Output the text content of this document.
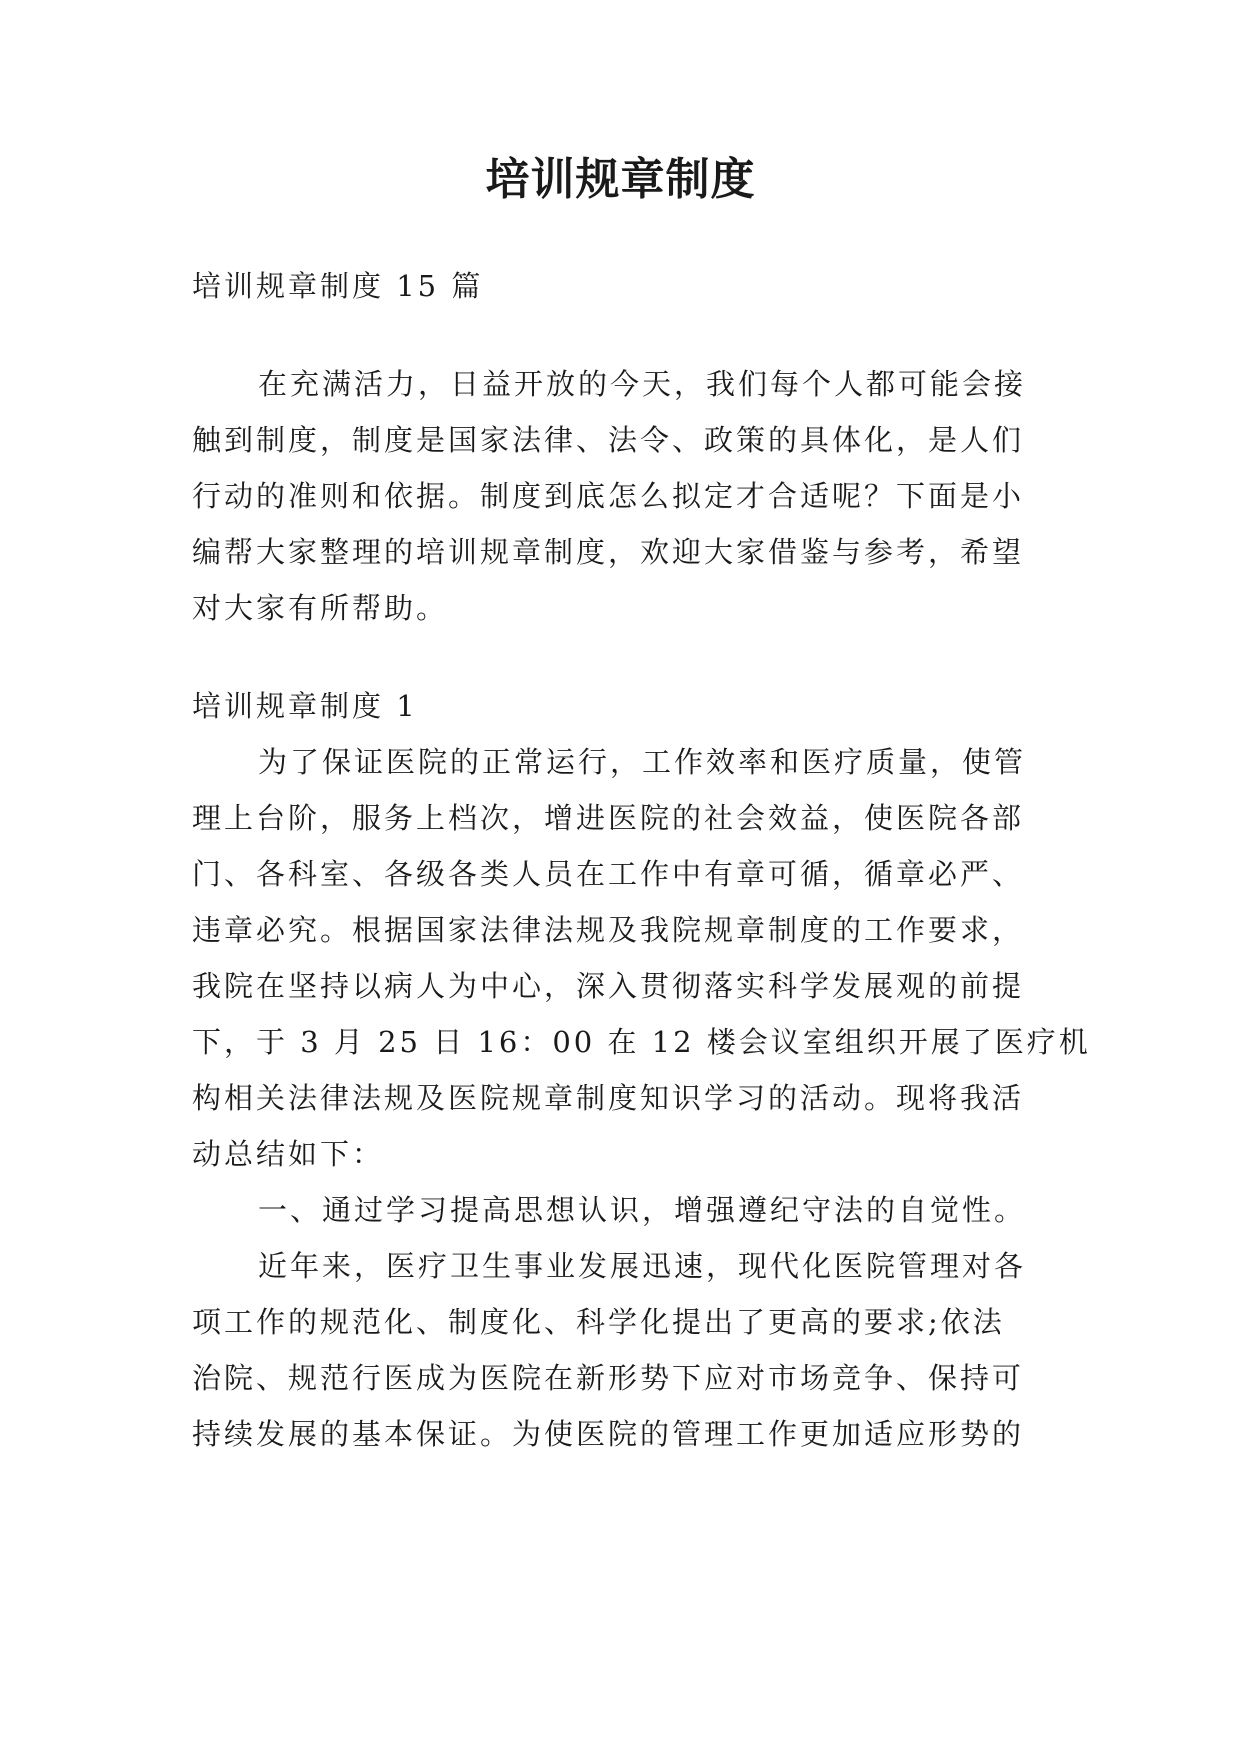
培训规章制度
培训规章制度 15 篇
在充满活力，日益开放的今天，我们每个人都可能会接
触到制度，制度是国家法律、法令、政策的具体化，是人们
行动的准则和依据。制度到底怎么拟定才合适呢？下面是小
编帮大家整理的培训规章制度，欢迎大家借鉴与参考，希望
对大家有所帮助。
培训规章制度 1
为了保证医院的正常运行，工作效率和医疗质量，使管
理上台阶，服务上档次，增进医院的社会效益，使医院各部
门、各科室、各级各类人员在工作中有章可循，循章必严、
违章必究。根据国家法律法规及我院规章制度的工作要求，
我院在坚持以病人为中心，深入贯彻落实科学发展观的前提
下，于 3 月 25 日 16：00 在 12 楼会议室组织开展了医疗机
构相关法律法规及医院规章制度知识学习的活动。现将我活
动总结如下：
一、通过学习提高思想认识，增强遵纪守法的自觉性。
近年来，医疗卫生事业发展迅速，现代化医院管理对各
项工作的规范化、制度化、科学化提出了更高的要求;依法
治院、规范行医成为医院在新形势下应对市场竞争、保持可
持续发展的基本保证。为使医院的管理工作更加适应形势的
